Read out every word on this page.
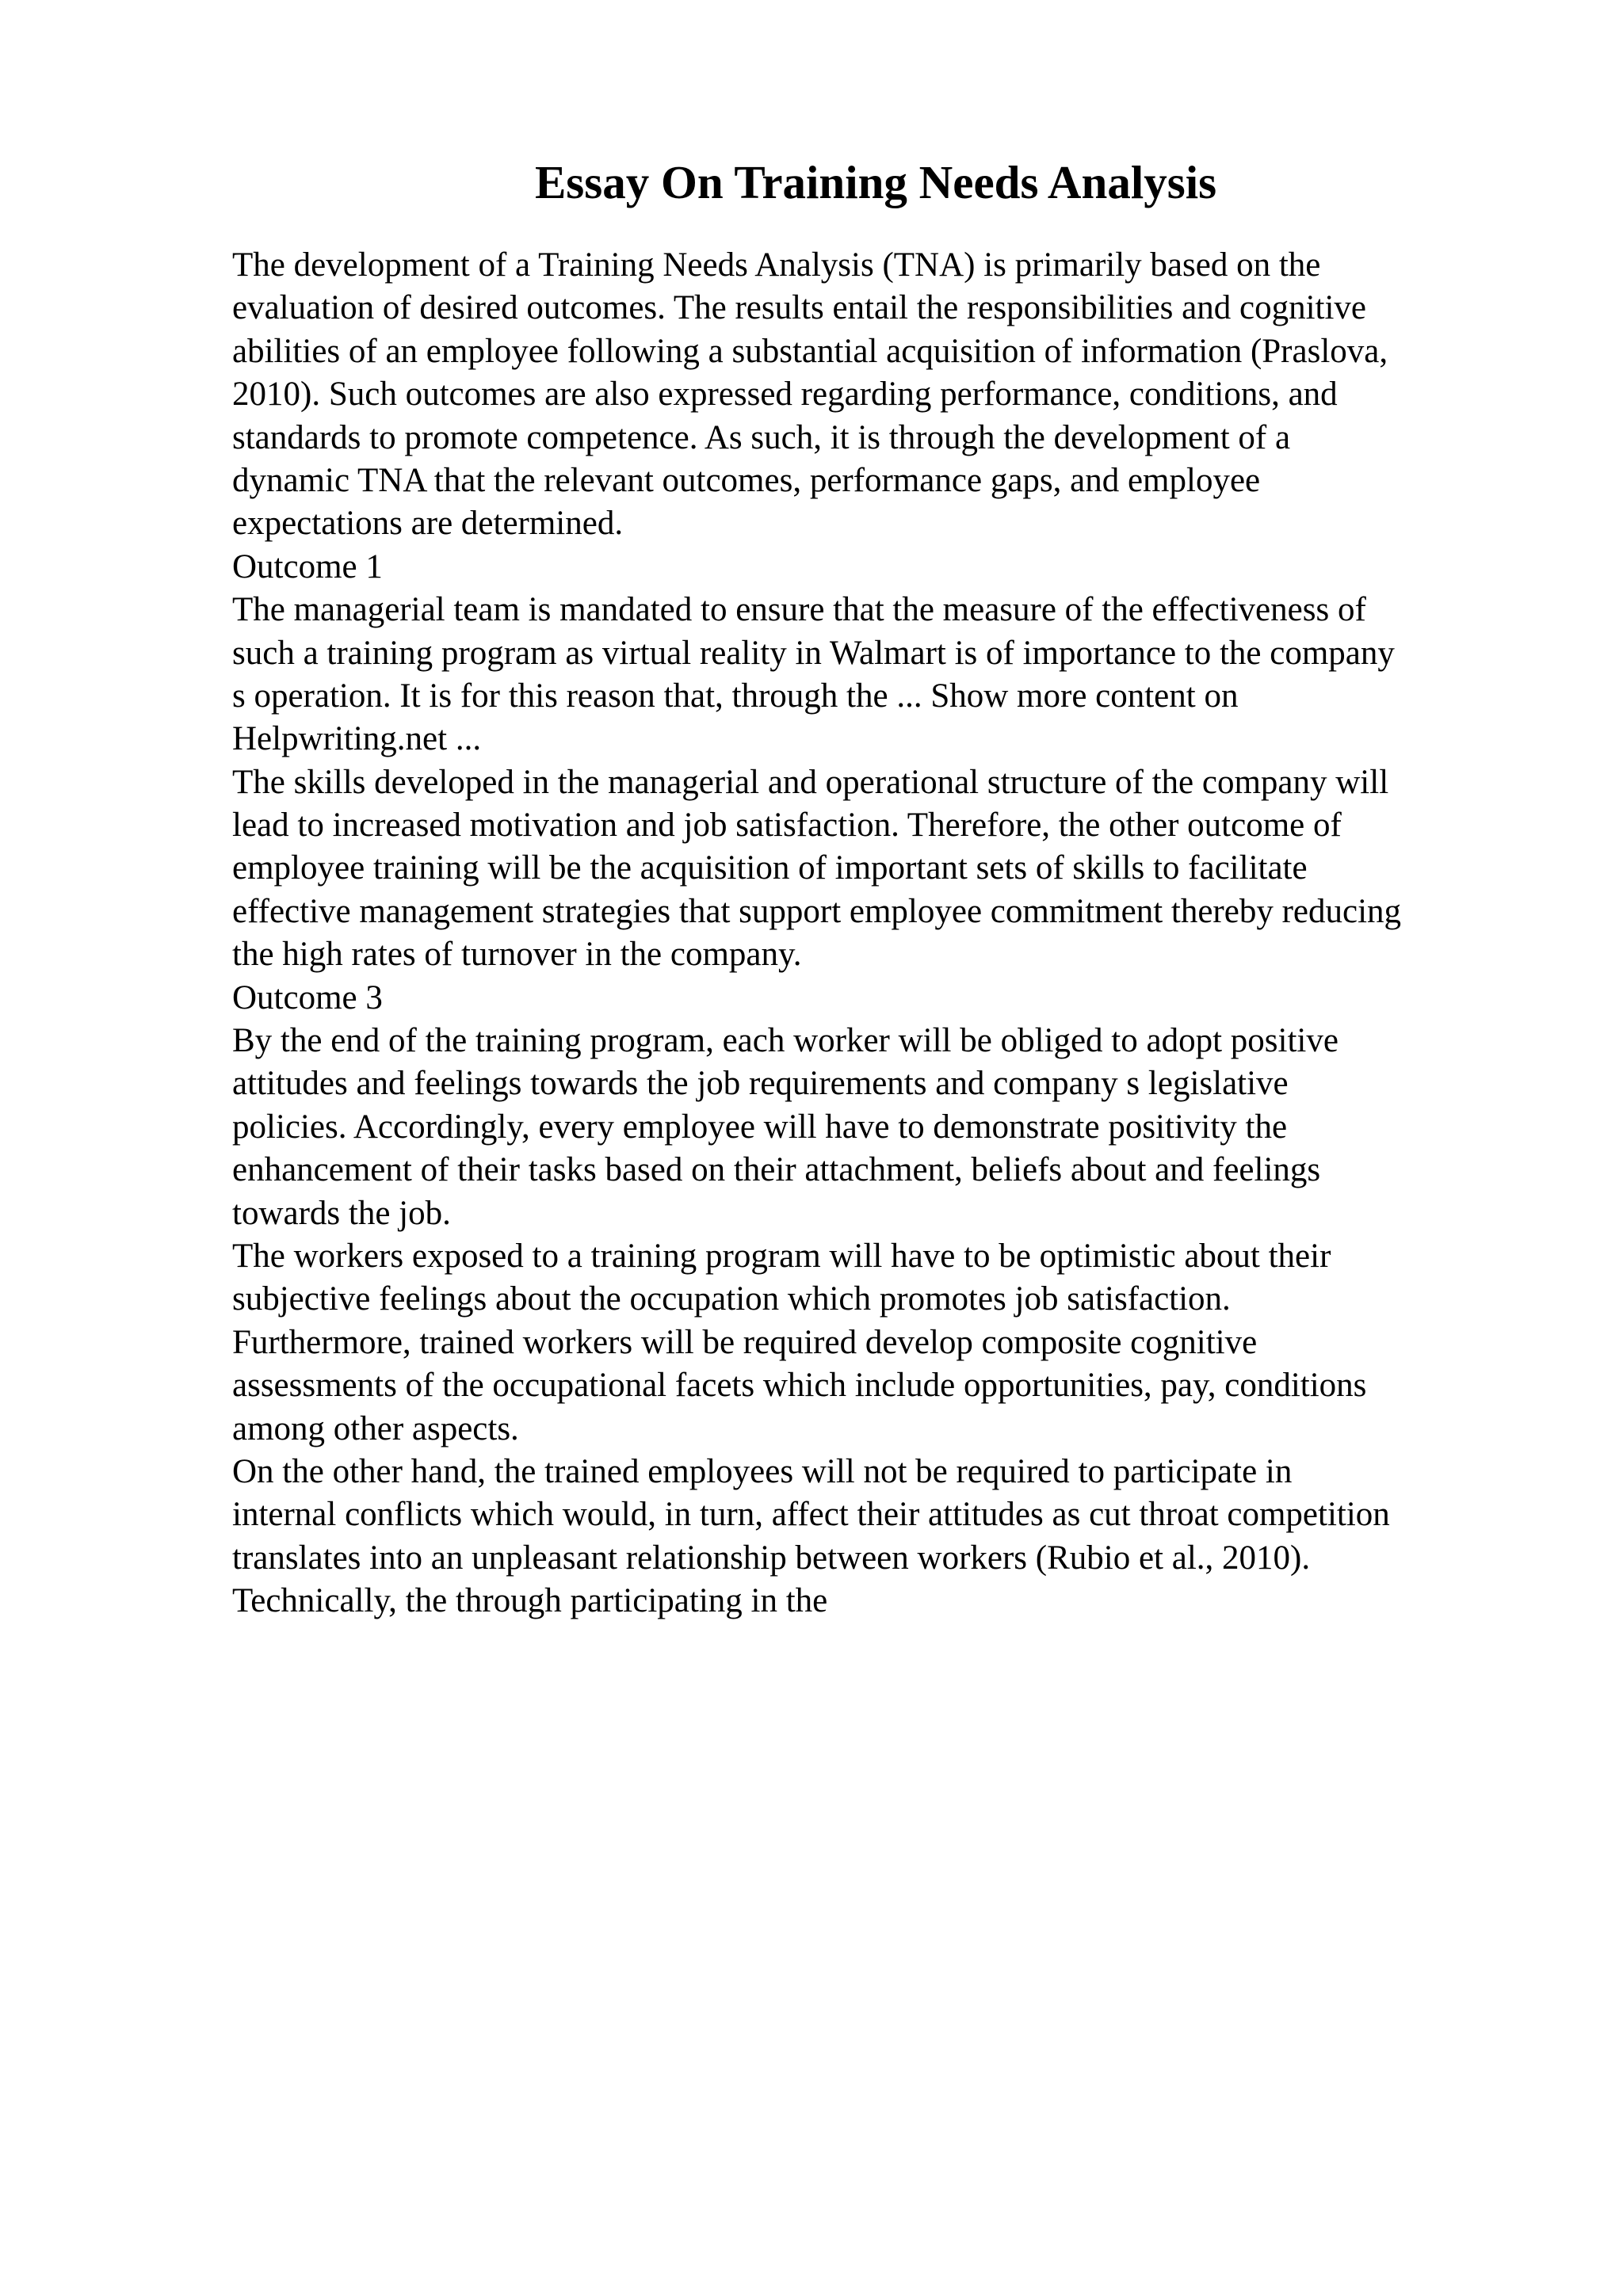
Essay On Training Needs Analysis
The development of a Training Needs Analysis (TNA) is primarily based on the
evaluation of desired outcomes. The results entail the responsibilities and cognitive
abilities of an employee following a substantial acquisition of information (Praslova,
2010). Such outcomes are also expressed regarding performance, conditions, and
standards to promote competence. As such, it is through the development of a
dynamic TNA that the relevant outcomes, performance gaps, and employee
expectations are determined.
Outcome 1
The managerial team is mandated to ensure that the measure of the effectiveness of
such a training program as virtual reality in Walmart is of importance to the company
s operation. It is for this reason that, through the ... Show more content on
Helpwriting.net ...
The skills developed in the managerial and operational structure of the company will
lead to increased motivation and job satisfaction. Therefore, the other outcome of
employee training will be the acquisition of important sets of skills to facilitate
effective management strategies that support employee commitment thereby reducing
the high rates of turnover in the company.
Outcome 3
By the end of the training program, each worker will be obliged to adopt positive
attitudes and feelings towards the job requirements and company s legislative
policies. Accordingly, every employee will have to demonstrate positivity the
enhancement of their tasks based on their attachment, beliefs about and feelings
towards the job.
The workers exposed to a training program will have to be optimistic about their
subjective feelings about the occupation which promotes job satisfaction.
Furthermore, trained workers will be required develop composite cognitive
assessments of the occupational facets which include opportunities, pay, conditions
among other aspects.
On the other hand, the trained employees will not be required to participate in
internal conflicts which would, in turn, affect their attitudes as cut throat competition
translates into an unpleasant relationship between workers (Rubio et al., 2010).
Technically, the through participating in the
